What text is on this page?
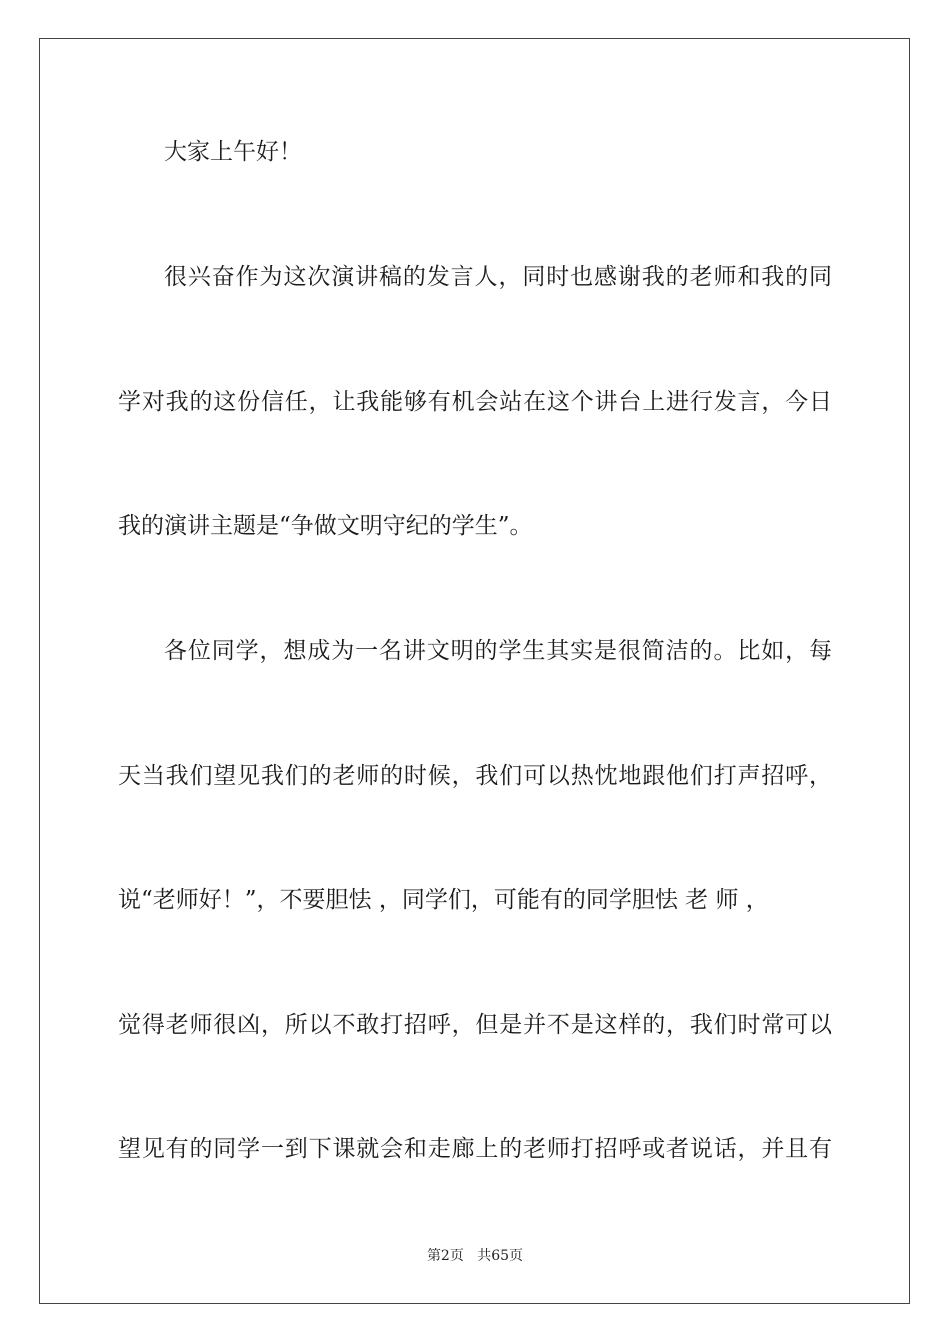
大家上午好！
很兴奋作为这次演讲稿的发言人，同时也感谢我的老师和我的同
学对我的这份信任，让我能够有机会站在这个讲台上进行发言，今日
我的演讲主题是“争做文明守纪的学生”。
各位同学，想成为一名讲文明的学生其实是很简洁的。比如，每
天当我们望见我们的老师的时候，我们可以热忱地跟他们打声招呼，
说“老师好！”，不要胆怯 ，同学们，可能有的同学胆怯 老 师 ，
觉得老师很凶，所以不敢打招呼，但是并不是这样的，我们时常可以
望见有的同学一到下课就会和走廊上的老师打招呼或者说话，并且有
第2页 共65页
